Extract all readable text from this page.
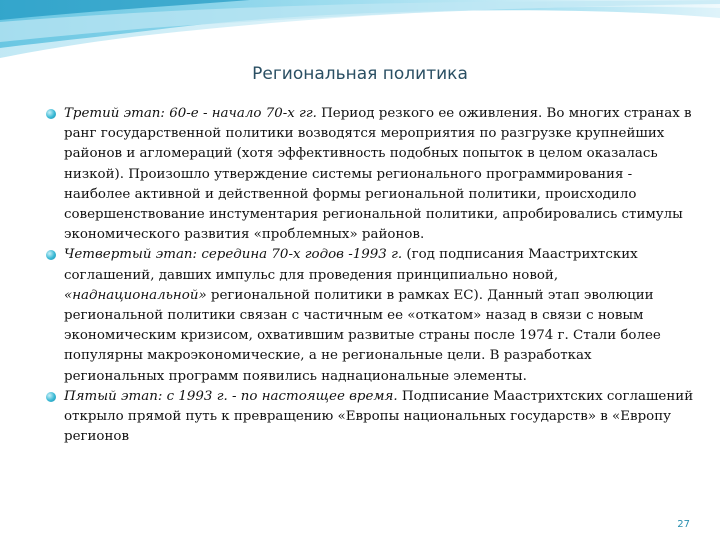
Региональная политика
Третий этап: 60-е - начало 70-х гг. Период резкого ее оживления. Во многих странах в ранг государственной политики возводятся мероприятия по разгрузке крупнейших районов и агломераций (хотя эффективность подобных попыток в целом оказалась низкой). Произошло утверждение системы регионального программирования - наиболее активной и действенной формы региональной политики, происходило совершенствование инстументария региональной политики, апробировались стимулы экономического развития «проблемных» районов.
Четвертый этап: середина 70-х годов -1993 г. (год подписания Маастрихтских соглашений, давших импульс для проведения принципиально новой, «наднациональной» региональной политики в рамках ЕС). Данный этап эволюции региональной политики связан с частичным ее «откатом» назад в связи с новым экономическим кризисом, охватившим развитые страны после 1974 г. Стали более популярны макроэкономические, а не региональные цели. В разработках региональных программ появились наднациональные элементы.
Пятый этап: с 1993 г. - по настоящее время. Подписание Маастрихтских соглашений открыло прямой путь к превращению «Европы национальных государств» в «Европу регионов
27
